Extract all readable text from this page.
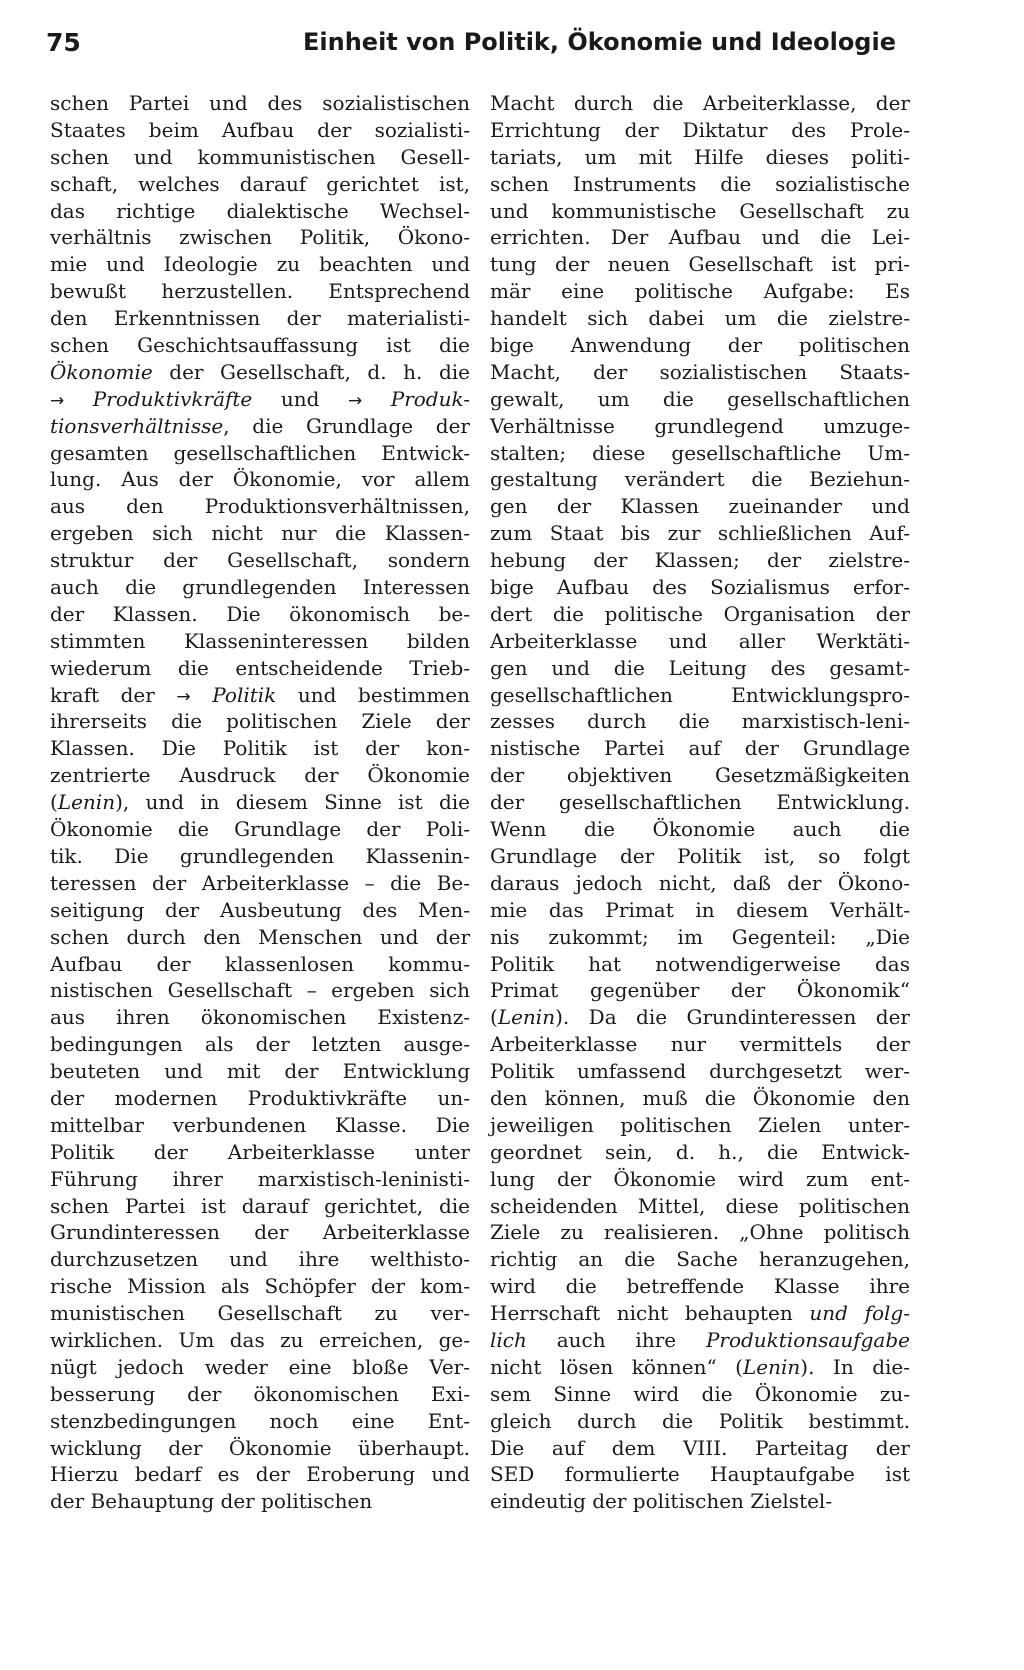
75	Einheit von Politik, Ökonomie und Ideologie
schen Partei und des sozialistischen
Staates beim Aufbau der sozialisti-
schen und kommunistischen Gesell-
schaft, welches darauf gerichtet ist,
das richtige dialektische Wechsel-
verhältnis zwischen Politik, Ökono-
mie und Ideologie zu beachten und
bewußt herzustellen. Entsprechend
den Erkenntnissen der materialisti-
schen Geschichtsauffassung ist die
Ökonomie der Gesellschaft, d. h. die
→ Produktivkräfte und → Produk-
tionsverhältnisse, die Grundlage der
gesamten gesellschaftlichen Entwick-
lung. Aus der Ökonomie, vor allem
aus den Produktionsverhältnissen,
ergeben sich nicht nur die Klassen-
struktur der Gesellschaft, sondern
auch die grundlegenden Interessen
der Klassen. Die ökonomisch be-
stimmten Klasseninteressen bilden
wiederum die entscheidende Trieb-
kraft der → Politik und bestimmen
ihrerseits die politischen Ziele der
Klassen. Die Politik ist der kon-
zentrierte Ausdruck der Ökonomie
(Lenin), und in diesem Sinne ist die
Ökonomie die Grundlage der Poli-
tik. Die grundlegenden Klassenin-
teressen der Arbeiterklasse – die Be-
seitigung der Ausbeutung des Men-
schen durch den Menschen und der
Aufbau der klassenlosen kommu-
nistischen Gesellschaft – ergeben sich
aus ihren ökonomischen Existenz-
bedingungen als der letzten ausge-
beuteten und mit der Entwicklung
der modernen Produktivkräfte un-
mittelbar verbundenen Klasse. Die
Politik der Arbeiterklasse unter
Führung ihrer marxistisch-leninisti-
schen Partei ist darauf gerichtet, die
Grundinteressen der Arbeiterklasse
durchzusetzen und ihre welthisto-
rische Mission als Schöpfer der kom-
munistischen Gesellschaft zu ver-
wirklichen. Um das zu erreichen, ge-
nügt jedoch weder eine bloße Ver-
besserung der ökonomischen Exi-
stenzbedingungen noch eine Ent-
wicklung der Ökonomie überhaupt.
Hierzu bedarf es der Eroberung und
der Behauptung der politischen
Macht durch die Arbeiterklasse, der
Errichtung der Diktatur des Prole-
tariats, um mit Hilfe dieses politi-
schen Instruments die sozialistische
und kommunistische Gesellschaft zu
errichten. Der Aufbau und die Lei-
tung der neuen Gesellschaft ist pri-
mär eine politische Aufgabe: Es
handelt sich dabei um die zielstre-
bige Anwendung der politischen
Macht, der sozialistischen Staats-
gewalt, um die gesellschaftlichen
Verhältnisse grundlegend umzuge-
stalten; diese gesellschaftliche Um-
gestaltung verändert die Beziehun-
gen der Klassen zueinander und
zum Staat bis zur schließlichen Auf-
hebung der Klassen; der zielstre-
bige Aufbau des Sozialismus erfor-
dert die politische Organisation der
Arbeiterklasse und aller Werktäti-
gen und die Leitung des gesamt-
gesellschaftlichen Entwicklungspro-
zesses durch die marxistisch-leni-
nistische Partei auf der Grundlage
der objektiven Gesetzmäßigkeiten
der gesellschaftlichen Entwicklung.
Wenn die Ökonomie auch die
Grundlage der Politik ist, so folgt
daraus jedoch nicht, daß der Ökono-
mie das Primat in diesem Verhält-
nis zukommt; im Gegenteil: „Die
Politik hat notwendigerweise das
Primat gegenüber der Ökonomik“
(Lenin). Da die Grundinteressen der
Arbeiterklasse nur vermittels der
Politik umfassend durchgesetzt wer-
den können, muß die Ökonomie den
jeweiligen politischen Zielen unter-
geordnet sein, d. h., die Entwick-
lung der Ökonomie wird zum ent-
scheidenden Mittel, diese politischen
Ziele zu realisieren. „Ohne politisch
richtig an die Sache heranzugehen,
wird die betreffende Klasse ihre
Herrschaft nicht behaupten und folg-
lich auch ihre Produktionsaufgabe
nicht lösen können“ (Lenin). In die-
sem Sinne wird die Ökonomie zu-
gleich durch die Politik bestimmt.
Die auf dem VIII. Parteitag der
SED formulierte Hauptaufgabe ist
eindeutig der politischen Zielstel-
